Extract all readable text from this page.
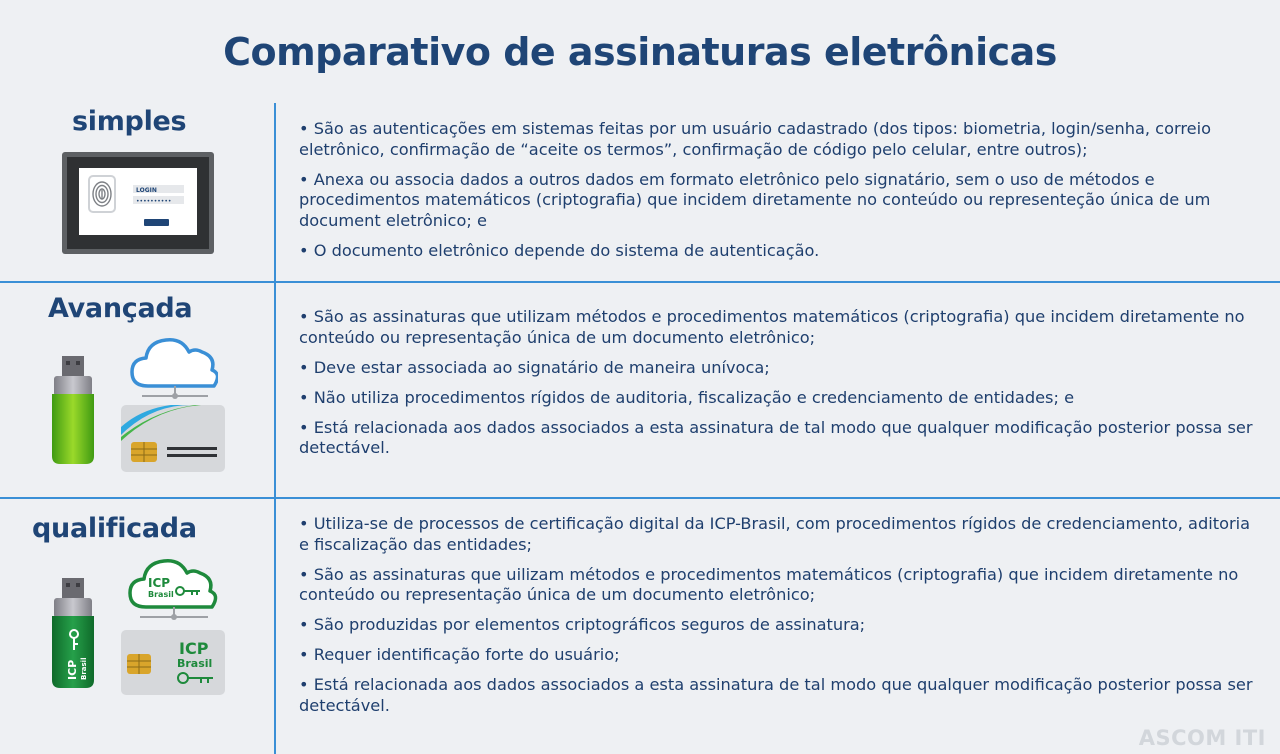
Comparativo de assinaturas eletrônicas
simples
LOGIN
••••••••••
• São as autenticações em sistemas feitas por um usuário cadastrado (dos tipos: biometria, login/senha, correio eletrônico, confirmação de “aceite os termos”, confirmação de código pelo celular, entre outros);
• Anexa ou associa dados a outros dados em formato eletrônico pelo signatário, sem o uso de métodos e procedimentos matemáticos (criptografia) que incidem diretamente no conteúdo ou representeção única de um document eletrônico; e
• O documento eletrônico depende do sistema de autenticação.
Avançada
•	São as assinaturas que utilizam métodos e procedimentos matemáticos (criptografia) que incidem diretamente no conteúdo ou representação única de um documento eletrônico;
• Deve estar associada ao signatário de maneira unívoca;
• Não utiliza procedimentos rígidos de auditoria, fiscalização e credenciamento de entidades; e
• Está relacionada aos dados associados a esta assinatura de tal modo que qualquer modificação posterior possa ser detectável.
qualificada
ICP Brasil
ICP
Brasil
ICP
Brasil
• Utiliza-se de processos de certificação digital da ICP-Brasil, com procedimentos rígidos de credenciamento, aditoria e fiscalização das entidades;
• São as assinaturas que uilizam métodos e procedimentos matemáticos (criptografia) que incidem diretamente no conteúdo ou representação única de um documento eletrônico;
• São produzidas por elementos criptográficos seguros de assinatura;
• Requer identificação forte do usuário;
• Está relacionada aos dados associados a esta assinatura de tal modo que qualquer modificação posterior possa ser detectável.
ASCOM ITI
